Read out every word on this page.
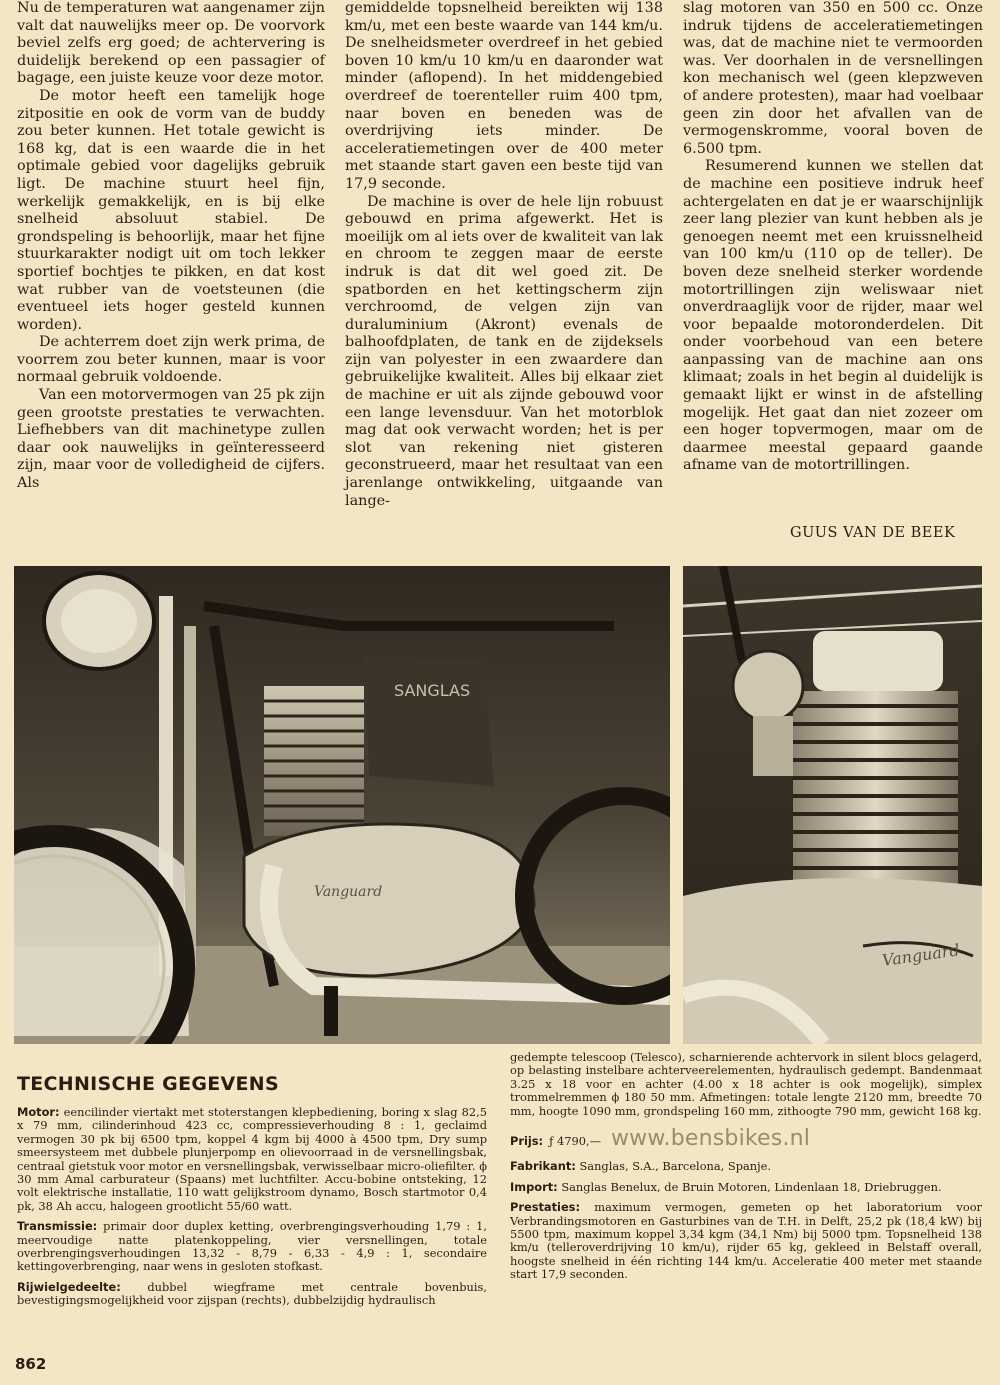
Nu de temperaturen wat aangenamer zijn valt dat nauwelijks meer op. De voorvork beviel zelfs erg goed; de achtervering is duidelijk berekend op een passagier of bagage, een juiste keuze voor deze motor.

De motor heeft een tamelijk hoge zitpositie en ook de vorm van de buddy zou beter kunnen. Het totale gewicht is 168 kg, dat is een waarde die in het optimale gebied voor dagelijks gebruik ligt. De machine stuurt heel fijn, werkelijk gemakkelijk, en is bij elke snelheid absoluut stabiel. De grondspeling is behoorlijk, maar het fijne stuurkarakter nodigt uit om toch lekker sportief bochtjes te pikken, en dat kost wat rubber van de voetsteunen (die eventueel iets hoger gesteld kunnen worden).

De achterrem doet zijn werk prima, de voorrem zou beter kunnen, maar is voor normaal gebruik voldoende.

Van een motorvermogen van 25 pk zijn geen grootste prestaties te verwachten. Liefhebbers van dit machinetype zullen daar ook nauwelijks in geïnteresseerd zijn, maar voor de volledigheid de cijfers. Als

gemiddelde topsnelheid bereikten wij 138 km/u, met een beste waarde van 144 km/u. De snelheidsmeter overdreef in het gebied boven 10 km/u 10 km/u en daaronder wat minder (aflopend). In het middengebied overdreef de toerenteller ruim 400 tpm, naar boven en beneden was de overdrijving iets minder. De acceleratiemetingen over de 400 meter met staande start gaven een beste tijd van 17,9 seconde.

De machine is over de hele lijn robuust gebouwd en prima afgewerkt. Het is moeilijk om al iets over de kwaliteit van lak en chroom te zeggen maar de eerste indruk is dat dit wel goed zit. De spatborden en het kettingscherm zijn verchroomd, de velgen zijn van duraluminium (Akront) evenals de balhoofdplaten, de tank en de zijdeksels zijn van polyester in een zwaardere dan gebruikelijke kwaliteit. Alles bij elkaar ziet de machine er uit als zijnde gebouwd voor een lange levensduur. Van het motorblok mag dat ook verwacht worden; het is per slot van rekening niet gisteren geconstrueerd, maar het resultaat van een jarenlange ontwikkeling, uitgaande van lange-

slag motoren van 350 en 500 cc. Onze indruk tijdens de acceleratiemetingen was, dat de machine niet te vermoorden was. Ver doorhalen in de versnellingen kon mechanisch wel (geen klepzweven of andere protesten), maar had voelbaar geen zin door het afvallen van de vermogenskromme, vooral boven de 6.500 tpm.

Resumerend kunnen we stellen dat de machine een positieve indruk heef achtergelaten en dat je er waarschijnlijk zeer lang plezier van kunt hebben als je genoegen neemt met een kruissnelheid van 100 km/u (110 op de teller). De boven deze snelheid sterker wordende motortrillingen zijn weliswaar niet onverdraaglijk voor de rijder, maar wel voor bepaalde motoronderdelen. Dit onder voorbehoud van een betere aanpassing van de machine aan ons klimaat; zoals in het begin al duidelijk is gemaakt lijkt er winst in de afstelling mogelijk. Het gaat dan niet zozeer om een hoger topvermogen, maar om de daarmee meestal gepaard gaande afname van de motortrillingen.

GUUS VAN DE BEEK
SANGLAS
Vanguard
Vanguard
TECHNISCHE GEGEVENS

Motor: eencilinder viertakt met stoterstangen klepbediening, boring x slag 82,5 x 79 mm, cilinderinhoud 423 cc, compressieverhouding 8 : 1, geclaimd vermogen 30 pk bij 6500 tpm, koppel 4 kgm bij 4000 à 4500 tpm, Dry sump smeersysteem met dubbele plunjerpomp en olievoorraad in de versnellingsbak, centraal gietstuk voor motor en versnellingsbak, verwisselbaar micro-oliefilter. ϕ 30 mm Amal carburateur (Spaans) met luchtfilter. Accu-bobine ontsteking, 12 volt elektrische installatie, 110 watt gelijkstroom dynamo, Bosch startmotor 0,4 pk, 38 Ah accu, halogeen grootlicht 55/60 watt.

Transmissie: primair door duplex ketting, overbrengingsverhouding 1,79 : 1, meervoudige natte platenkoppeling, vier versnellingen, totale overbrengingsverhoudingen 13,32 - 8,79 - 6,33 - 4,9 : 1, secondaire kettingoverbrenging, naar wens in gesloten stofkast.

Rijwielgedeelte: dubbel wiegframe met centrale bovenbuis, bevestigingsmogelijkheid voor zijspan (rechts), dubbelzijdig hydraulisch

gedempte telescoop (Telesco), scharnierende achtervork in silent blocs gelagerd, op belasting instelbare achterveerelementen, hydraulisch gedempt. Bandenmaat 3.25 x 18 voor en achter (4.00 x 18 achter is ook mogelijk), simplex trommelremmen ϕ 180 50 mm. Afmetingen: totale lengte 2120 mm, breedte 70 mm, hoogte 1090 mm, grondspeling 160 mm, zithoogte 790 mm, gewicht 168 kg.

Prijs: ƒ 4790,— www.bensbikes.nl

Fabrikant: Sanglas, S.A., Barcelona, Spanje.

Import: Sanglas Benelux, de Bruin Motoren, Lindenlaan 18, Driebruggen.

Prestaties: maximum vermogen, gemeten op het laboratorium voor Verbrandingsmotoren en Gasturbines van de T.H. in Delft, 25,2 pk (18,4 kW) bij 5500 tpm, maximum koppel 3,34 kgm (34,1 Nm) bij 5000 tpm. Topsnelheid 138 km/u (telleroverdrijving 10 km/u), rijder 65 kg, gekleed in Belstaff overall, hoogste snelheid in één richting 144 km/u. Acceleratie 400 meter met staande start 17,9 seconden.

862
